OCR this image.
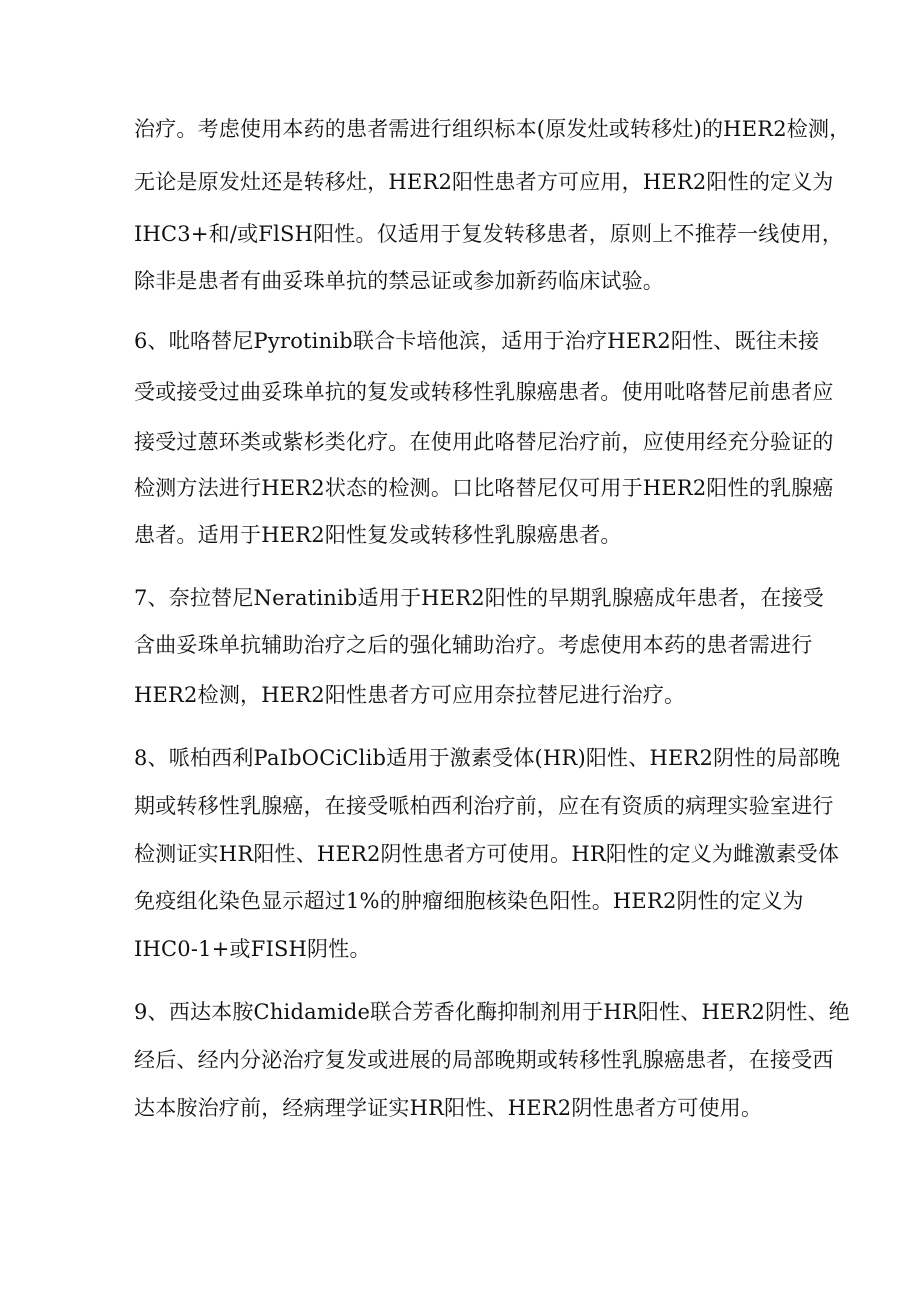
治疗。考虑使用本药的患者需进行组织标本(原发灶或转移灶)的HER2检测，
无论是原发灶还是转移灶，HER2阳性患者方可应用，HER2阳性的定义为
IHC3+和/或FlSH阳性。仅适用于复发转移患者，原则上不推荐一线使用，
除非是患者有曲妥珠单抗的禁忌证或参加新药临床试验。
6、吡咯替尼Pyrotinib联合卡培他滨，适用于治疗HER2阳性、既往未接
受或接受过曲妥珠单抗的复发或转移性乳腺癌患者。使用吡咯替尼前患者应
接受过蒽环类或紫杉类化疗。在使用此咯替尼治疗前，应使用经充分验证的
检测方法进行HER2状态的检测。口比咯替尼仅可用于HER2阳性的乳腺癌
患者。适用于HER2阳性复发或转移性乳腺癌患者。
7、奈拉替尼Neratinib适用于HER2阳性的早期乳腺癌成年患者，在接受
含曲妥珠单抗辅助治疗之后的强化辅助治疗。考虑使用本药的患者需进行
HER2检测，HER2阳性患者方可应用奈拉替尼进行治疗。
8、哌柏西利PaIbOCiClib适用于激素受体(HR)阳性、HER2阴性的局部晚
期或转移性乳腺癌，在接受哌柏西利治疗前，应在有资质的病理实验室进行
检测证实HR阳性、HER2阴性患者方可使用。HR阳性的定义为雌激素受体
免疫组化染色显示超过1%的肿瘤细胞核染色阳性。HER2阴性的定义为
IHC0-1+或FISH阴性。
9、西达本胺Chidamide联合芳香化酶抑制剂用于HR阳性、HER2阴性、绝
经后、经内分泌治疗复发或进展的局部晚期或转移性乳腺癌患者，在接受西
达本胺治疗前，经病理学证实HR阳性、HER2阴性患者方可使用。
